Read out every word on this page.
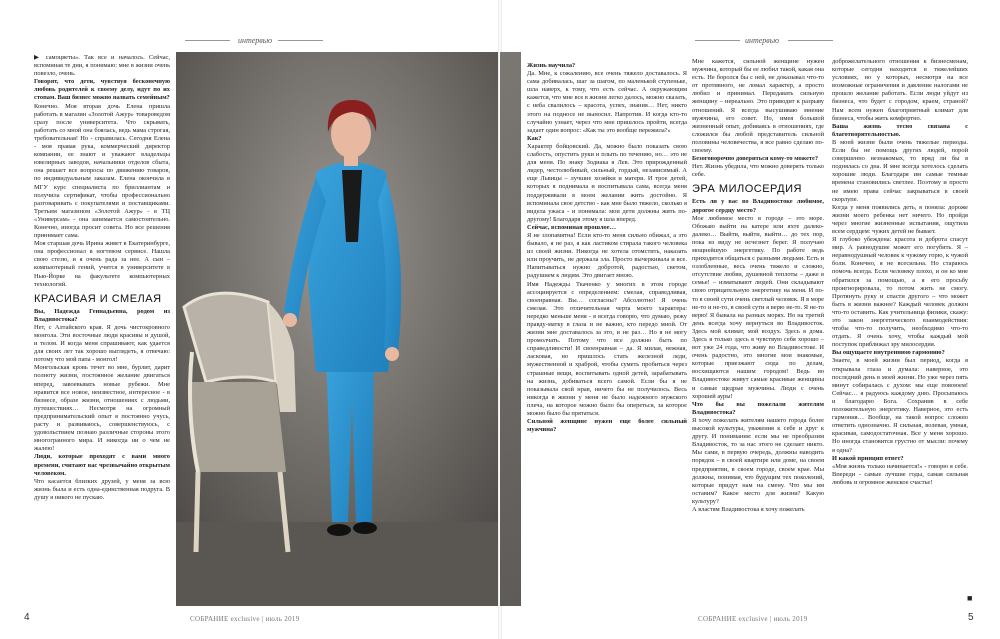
интервью

▶ самоцветы». Так все и началось. Сейчас, вспоминая те дни, я понимаю: мне в жизни очень повезло, очень.

Говорят, что дети, чувствуя бесконечную любовь родителей к своему делу, идут по их стопам. Ваш бизнес можно назвать семейным?

Конечно. Моя вторая дочь Елена пришла работать в магазин «Золотой Ажур» товароведом сразу после университета. Что скрывать, работать со мной она боялась, ведь мама строгая, требовательная! Но - справилась. Сегодня Елена - моя правая рука, коммерческий директор компании, ее знают и уважают владельцы ювелирных заводов, начальники отделов сбыта, она решает все вопросы по движению товаров, по индивидуальным заказам. Елена окончила в МГУ курс специалиста по бриллиантам и получила сертификат, чтобы профессионально разговаривать с покупателями и поставщиками. Третьим магазином «Золотой Ажур» - в ТЦ «Универсам» - она занимается самостоятельно. Конечно, иногда просит совета. Но все решения принимает сама.

Моя старшая дочь Ирина живет в Екатеринбурге, она профессионал в ногтевом сервисе. Нашла свою стезю, и я очень рада за нее. А сын – компьютерный гений, учится в университете в Нью-Йорке на факультете компьютерных технологий.

КРАСИВАЯ И СМЕЛАЯ

Вы, Надежда Геннадьевна, родом из Владивостока?

Нет, с Алтайского края. Я дочь чистокровного монгола. Эти восточные люди красивы и душой, и телом. И когда меня спрашивают, как удается для своих лет так хорошо выглядеть, я отвечаю: потому что мой папа - монгол!

Монгольская кровь течет во мне, бурлит, дарит полноту жизни, постоянное желание двигаться вперед, завоевывать новые рубежи. Мне нравится все новое, неизвестное, интересное - в бизнесе, образе жизни, отношениях с людьми, путешествиях… Несмотря на огромный предпринимательский опыт я постоянно учусь, расту и развиваюсь, совершенствуюсь, с удовольствием познаю различные стороны этого многогранного мира. И никогда ни о чем не жалею!

Люди, которые проходят с вами много времени, считают вас чрезвычайно открытым человеком.

Что касается близких друзей, у меня за всю жизнь была и есть одна-единственная подруга. В душу я никого не пускаю.

4	СОБРАНИЕ exclusive | июль 2019
интервью
5
СОБРАНИЕ exclusive | июль 2019

Жизнь научила?

Да. Мне, к сожалению, все очень тяжело доставалось. Я сама добивалась, шаг за шагом, по маленькой ступеньке, шла наверх, к тому, что есть сейчас. А окружающим кажется, что мне все в жизни легко далось, можно сказать, с неба свалилось – красота, успех, знания… Нет, никто этого на подносе не выносил. Напротив. И когда кто-то случайно узнает, через что мне пришлось пройти, всегда задает один вопрос: «Как ты это вообще пережила?»

Как?

Характер бойцовский. Да, можно было показать свою слабость, опустить руки и плыть по течению, но… это не для меня. По знаку Зодиака я Лев. Это прирожденный лидер, честолюбивый, сильный, гордый, независимый. А еще Львицы – лучшие хозяйки и матери. И трое детей, которых я поднимала и воспитывала сама, всегда меня поддерживали в моем желании жить достойно. Я вспоминала свое детство - как мне было тяжело, сколько я видела ужаса - и понимала: мои дети должны жить по-другому! Благодаря этому я шла вперед.

Сейчас, вспоминая прошлое…

Я не злопамятна! Если кто-то меня сильно обижал, а это бывало, я не раз, я как ластиком стирала такого человека из своей жизни. Никогда не хотела отомстить, наказать или проучить, не держала зла. Просто вычеркивала и все. Напитываться нужно добротой, радостью, светом, радушием к людям. Это двигает мною.

Имя Надежды Ткаченко у многих в этом городе ассоциируется с определением: смелая, справедливая, своенравная. Вы… согласны? Абсолютно! Я очень смелая. Это отличительная черта моего характера: нередко меньше меня - я всегда говорю, что думаю, режу правду-матку в глаза и не важно, кто передо мной. От жизни мне доставалось за это, и не раз… Но я не могу промолчать. Потому что все должно быть по справедливости! И своенравная – да. Я милая, нежная, ласковая, но пришлось стать железной леди, мужественной и храброй, чтобы суметь пробиться через страшные вещи, воспитывать одной детей, зарабатывать на жизнь, добиваться всего самой. Если бы я не показывала свой нрав, ничего бы не получилось. Весь никогда в жизни у меня не было надежного мужского плеча, на которое можно было бы опереться, за которое можно было бы прятаться.

Сильной женщине нужен еще более сильный мужчина?

Мне кажется, сильной женщине нужен мужчина, который бы ее любил такой, какая она есть. Не боролся бы с ней, не доказывал что-то от противного, не ломал характер, а просто любил и принимал. Передавать сильную женщину – нереально. Это приводит к разрыву отношений. Я всегда высушиваю мнение мужчины, его совет. Но, имея большой жизненный опыт, добиваясь в отношениях, где сложился бы любой представитель сильной половины человечества, я все равно сделаю по-своему.

Безоговорочно довериться кому-то можете?

Нет. Жизнь убедила, что можно доверять только себе.

ЭРА МИЛОСЕРДИЯ

Есть ли у вас во Владивостоке любимое, дорогое сердцу место?

Мое любимое место в городе – это море. Обожаю выйти на катере или яхте далеко-далеко… Выйти, выйти, выйти… до тех пор, пока из виду не исчезнет берег. Я получаю мощнейшую энергетику. По работе ведь приходится общаться с разными людьми. Есть и озлобленные, весь очень тяжело и сложно, отсутствие любви, душевной теплоты – даже в семье! – изматывают людей. Они складывают свою отрицательную энергетику на меня. И по-то в своей сути очень светлый человек. Я в море не-то и не-то, в своей сути я верю не-то. Я не-то верю! Я бывала на разных морях. Но на третий день всегда хочу вернуться во Владивосток. Здесь мой климат, мой воздух. Здесь я дома. Здесь я только здесь я чувствую себя хорошо – вот уже 24 года, что живу во Владивостоке. И очень радостно, это многие мои знакомые, которые приезжают сюда по делам, восхищаются нашим городом! Ведь во Владивостоке живут самые красивые женщины и самые щедрые мужчины. Люди с очень хорошей ауры!

Что бы вы пожелали жителям Владивостока?

Я хочу пожелать жителям нашего города более высокой культуры, уважения к себе и друг к другу. И понимания: если мы не преобразим Владивосток, то за нас этого не сделает никто. Мы сами, в первую очередь, должны наводить порядок – в своей квартире или доме, на своем предприятии, в своем городе, своем крае. Мы должны, понимая, что будущим тех поколений, которые придут нам на смену. Что мы им оставим? Какое место для жизни? Какую культуру?

А властям Владивостока я хочу пожелать

доброжелательного отношения к бизнесменам, которые сегодня находятся в тяжелейших условиях, но у которых, несмотря на все возможные ограничения и давление налогами не прошло желание работать. Если люди уйдут из бизнеса, что будет с городом, краем, страной? Нам всем нужен благоприятный климат для бизнеса, чтобы жить комфортно.

Ваша жизнь тесно связана с благотворительностью.

В моей жизни были очень тяжелые периоды. Если бы не помощь других людей, порой совершенно незнакомых, то вряд ли бы я поднялась со дна. И мне всегда хотелось сделать хорошие люди. Благодаря им самые темные времена становились светлее. Поэтому и просто не имею права сейчас закрываться в своей скорлупе.

Когда у меня появились деть, я поняла: дороже жизни моего ребенка нет ничего. Но пройдя через многие жизненные испытания, ощутила всем сердцем: чужих детей не бывает.

Я глубоко убеждена: красота и доброта спасут мир. А равнодушие может его погубить. Я – неравнодушный человек к чужому горю, к чужой боли. Конечно, я не всесильна. Но стараюсь помочь всегда. Если человеку плохо, и он ко мне обратился за помощью, а я его просьбу проигнорировала, то потом жить не смогу. Протянуть руку и спасти другого – что может быть в жизни важнее? Каждый человек должен что-то оставить. Как учительница физики, скажу: это закон энергетического взаимодействия: чтобы что-то получить, необходимо что-то отдать. Я очень хочу, чтобы каждый мой поступок приближал эру милосердия.

Вы ощущаете внутреннюю гармонию?

Знаете, в моей жизни был период, когда я открывала глаза и думала: наверное, это последний день в моей жизни. Но уже через пять минут собиралась с духом: мы еще повоюем! Сейчас… я радуюсь каждому дню. Просыпаюсь и благодарю Бога. Сохранив в себе положительную энергетику. Наверное, это есть гармония… Вообще, на такой вопрос сложно ответить однозначно. Я сильная, волевая, умная, красивая, самодостаточная. Все у меня хорошо. Но иногда становится грустно от мысли: почему я одна?

И какой принцип ответ?

«Моя жизнь только начинается!» - говорю я себе. Впереди - самые лучшие годы, самая сильная любовь и огромное женское счастье!

■
